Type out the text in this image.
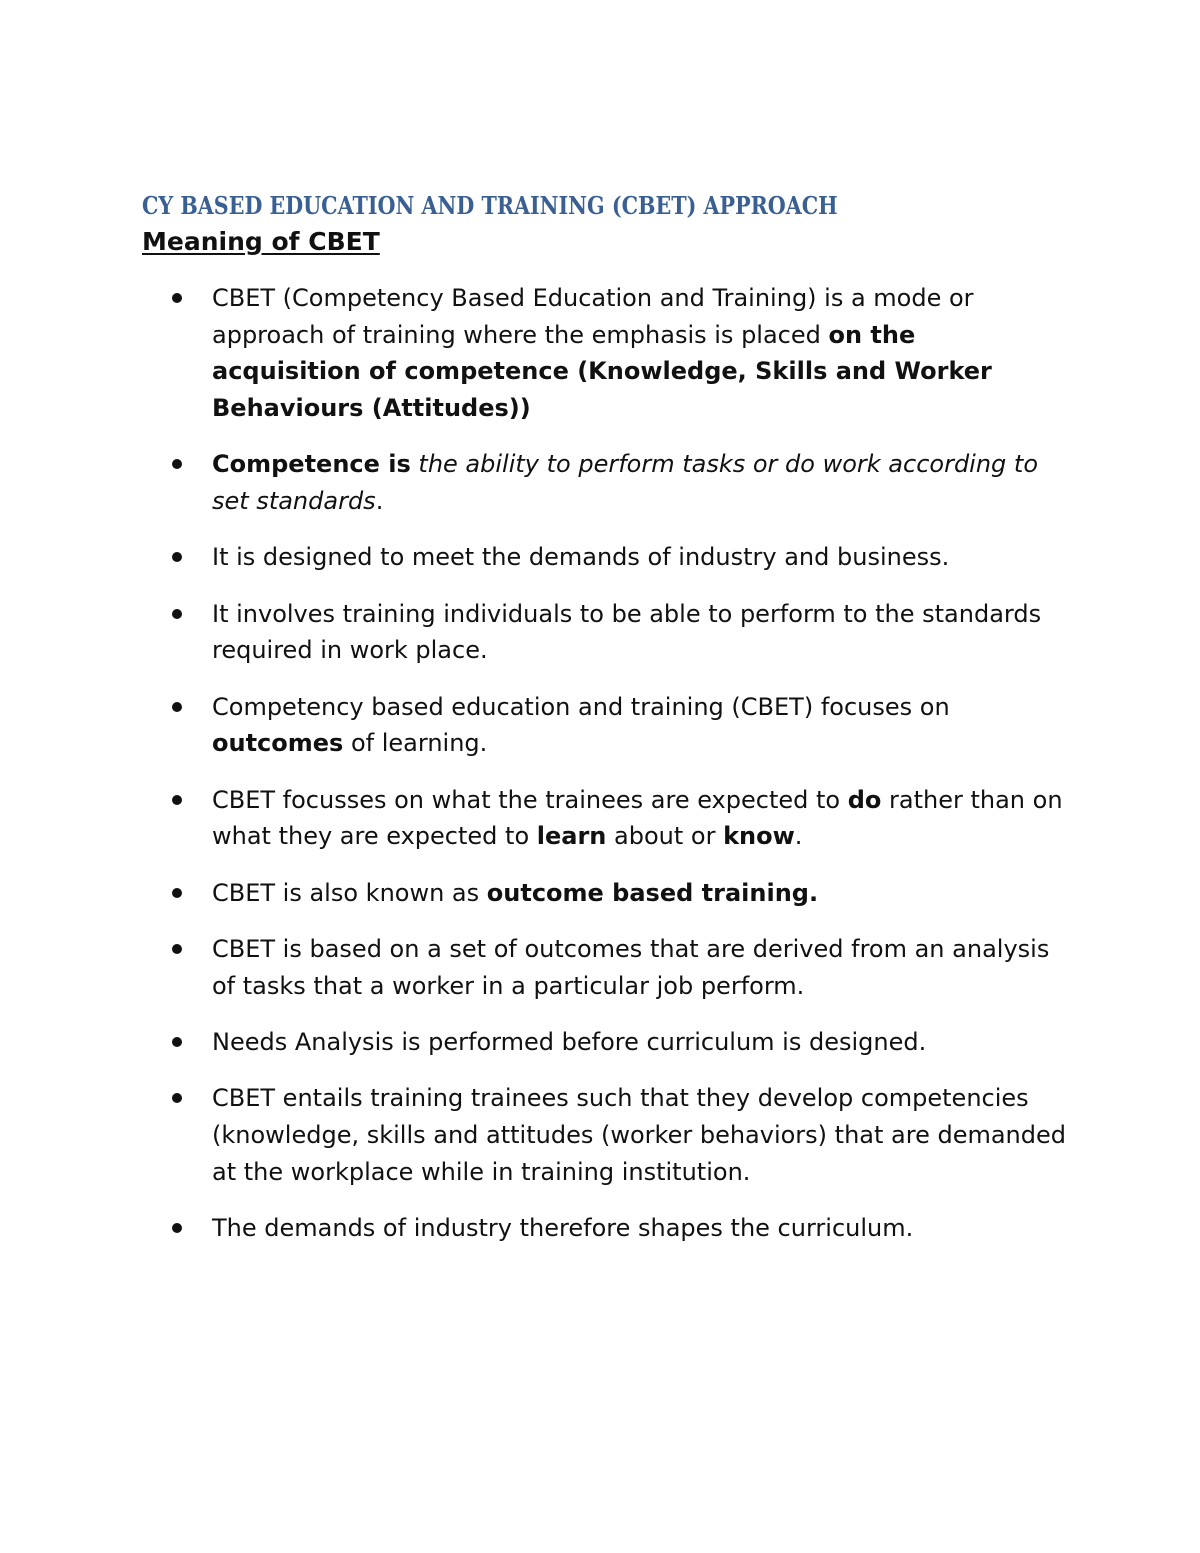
CY BASED EDUCATION AND TRAINING (CBET) APPROACH
Meaning of CBET
CBET (Competency Based Education and Training) is a mode or approach of training where the emphasis is placed on the acquisition of competence (Knowledge, Skills and Worker Behaviours (Attitudes))
Competence is the ability to perform tasks or do work according to set standards.
It is designed to meet the demands of industry and business.
It involves training individuals to be able to perform to the standards required in work place.
Competency based education and training (CBET) focuses on outcomes of learning.
CBET focusses on what the trainees are expected to do rather than on what they are expected to learn about or know.
CBET is also known as outcome based training.
CBET is based on a set of outcomes that are derived from an analysis of tasks that a worker in a particular job perform.
Needs Analysis is performed before curriculum is designed.
CBET entails training trainees such that they develop competencies (knowledge, skills and attitudes (worker behaviors) that are demanded at the workplace while in training institution.
The demands of industry therefore shapes the curriculum.
